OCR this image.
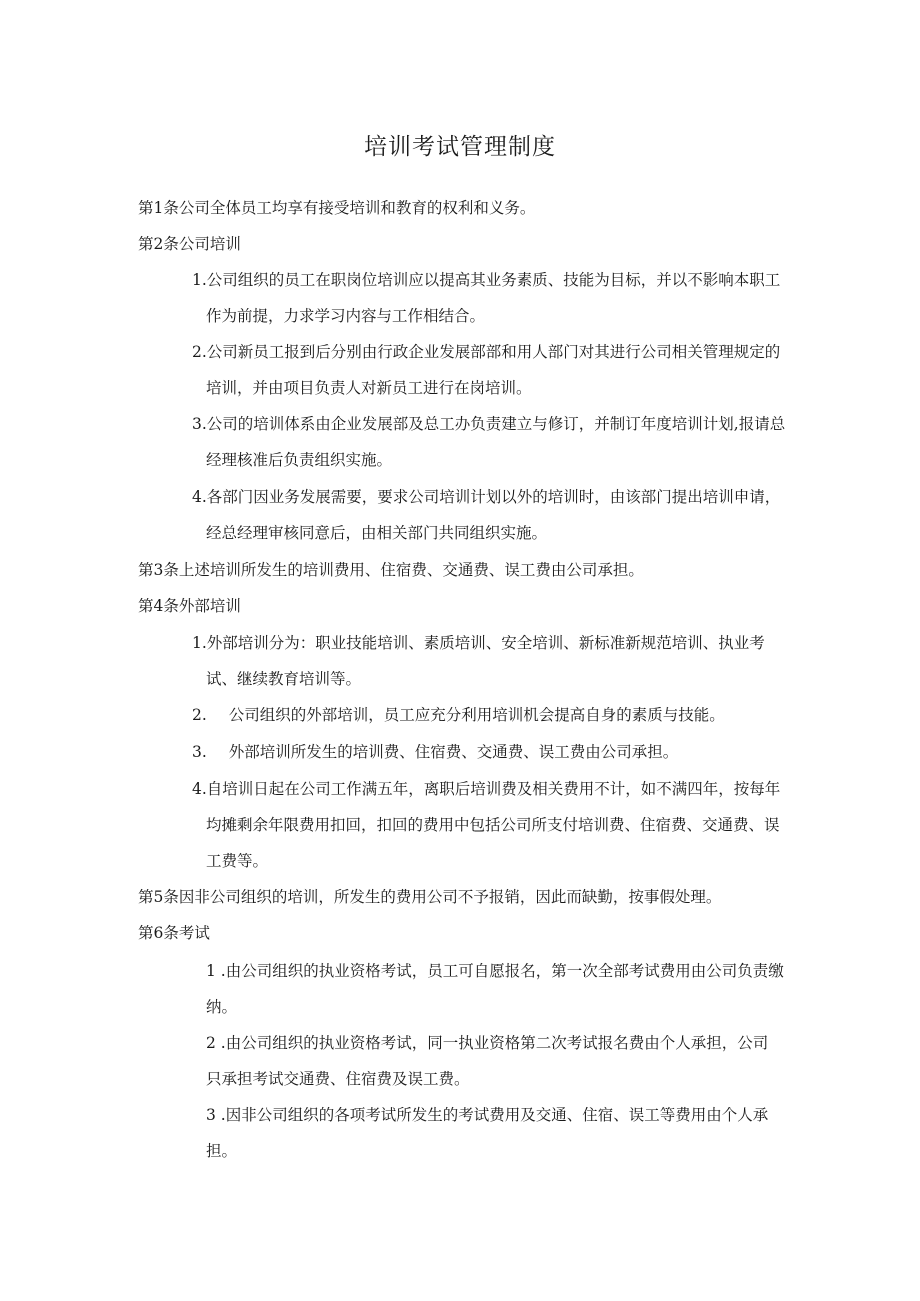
培训考试管理制度

第1条公司全体员工均享有接受培训和教育的权利和义务。

第2条公司培训

1.公司组织的员工在职岗位培训应以提高其业务素质、技能为目标，并以不影响本职工

作为前提，力求学习内容与工作相结合。

2.公司新员工报到后分别由行政企业发展部部和用人部门对其进行公司相关管理规定的

培训，并由项目负责人对新员工进行在岗培训。

3.公司的培训体系由企业发展部及总工办负责建立与修订，并制订年度培训计划,报请总

经理核准后负责组织实施。

4.各部门因业务发展需要，要求公司培训计划以外的培训时，由该部门提出培训申请，

经总经理审核同意后，由相关部门共同组织实施。

第3条上述培训所发生的培训费用、住宿费、交通费、误工费由公司承担。

第4条外部培训

1.外部培训分为：职业技能培训、素质培训、安全培训、新标准新规范培训、执业考

试、继续教育培训等。

2. 公司组织的外部培训，员工应充分利用培训机会提高自身的素质与技能。

3. 外部培训所发生的培训费、住宿费、交通费、误工费由公司承担。

4.自培训日起在公司工作满五年，离职后培训费及相关费用不计，如不满四年，按每年

均摊剩余年限费用扣回，扣回的费用中包括公司所支付培训费、住宿费、交通费、误

工费等。

第5条因非公司组织的培训，所发生的费用公司不予报销，因此而缺勤，按事假处理。

第6条考试

1 .由公司组织的执业资格考试，员工可自愿报名，第一次全部考试费用由公司负责缴

纳。

2 .由公司组织的执业资格考试，同一执业资格第二次考试报名费由个人承担，公司

只承担考试交通费、住宿费及误工费。

3 .因非公司组织的各项考试所发生的考试费用及交通、住宿、误工等费用由个人承

担。
